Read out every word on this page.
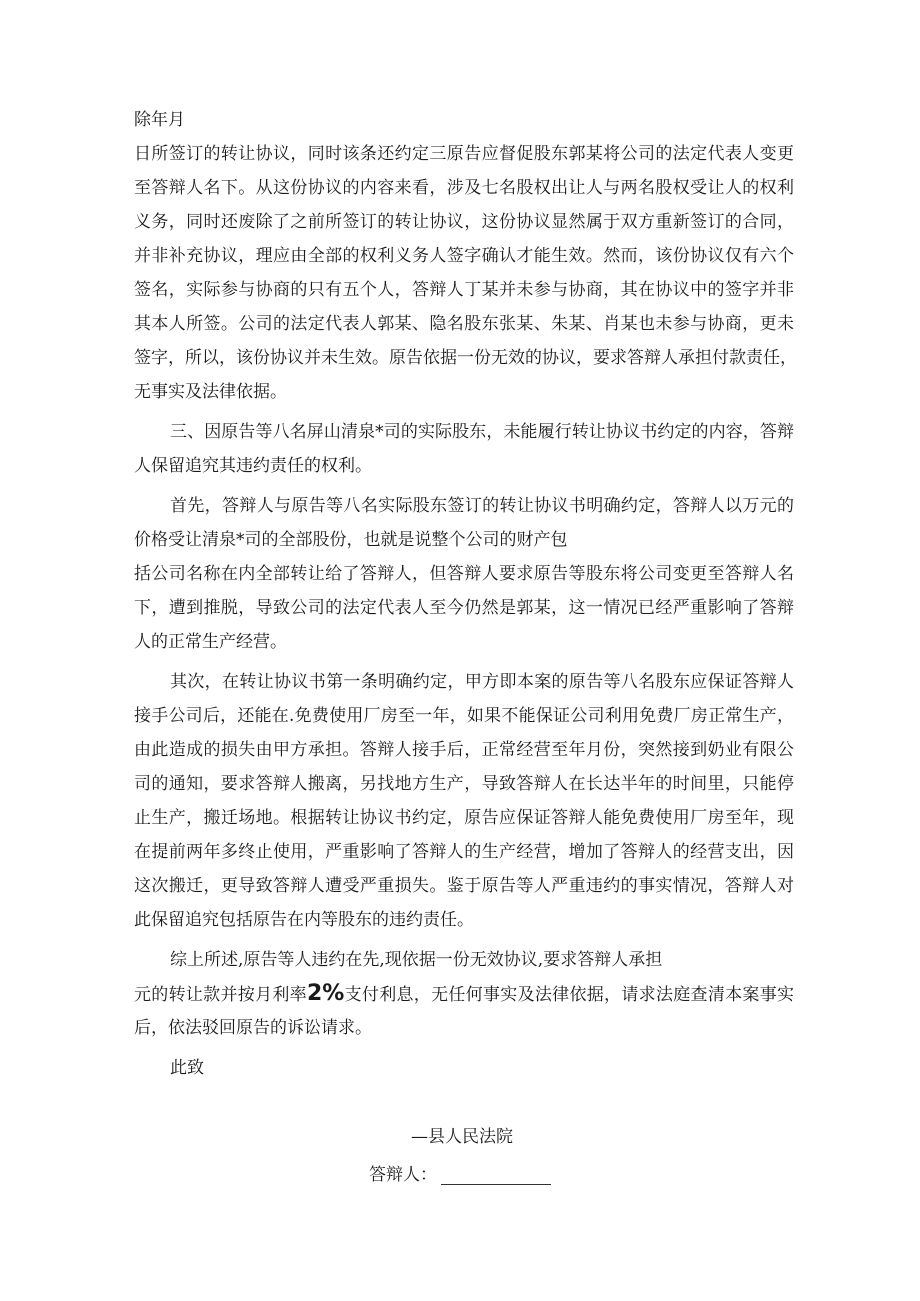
除年月
日所签订的转让协议，同时该条还约定三原告应督促股东郭某将公司的法定代表人变更
至答辩人名下。从这份协议的内容来看，涉及七名股权出让人与两名股权受让人的权利
义务，同时还废除了之前所签订的转让协议，这份协议显然属于双方重新签订的合同，
并非补充协议，理应由全部的权利义务人签字确认才能生效。然而，该份协议仅有六个
签名，实际参与协商的只有五个人，答辩人丁某并未参与协商，其在协议中的签字并非
其本人所签。公司的法定代表人郭某、隐名股东张某、朱某、肖某也未参与协商，更未
签字，所以，该份协议并未生效。原告依据一份无效的协议，要求答辩人承担付款责任，
无事实及法律依据。
三、因原告等八名屏山清泉*司的实际股东，未能履行转让协议书约定的内容，答辩
人保留追究其违约责任的权利。
首先，答辩人与原告等八名实际股东签订的转让协议书明确约定，答辩人以万元的
价格受让清泉*司的全部股份，也就是说整个公司的财产包
括公司名称在内全部转让给了答辩人，但答辩人要求原告等股东将公司变更至答辩人名
下，遭到推脱，导致公司的法定代表人至今仍然是郭某，这一情况已经严重影响了答辩
人的正常生产经营。
其次，在转让协议书第一条明确约定，甲方即本案的原告等八名股东应保证答辩人
接手公司后，还能在.免费使用厂房至一年，如果不能保证公司利用免费厂房正常生产，
由此造成的损失由甲方承担。答辩人接手后，正常经营至年月份，突然接到奶业有限公
司的通知，要求答辩人搬离，另找地方生产，导致答辩人在长达半年的时间里，只能停
止生产，搬迁场地。根据转让协议书约定，原告应保证答辩人能免费使用厂房至年，现
在提前两年多终止使用，严重影响了答辩人的生产经营，增加了答辩人的经营支出，因
这次搬迁，更导致答辩人遭受严重损失。鉴于原告等人严重违约的事实情况，答辩人对
此保留追究包括原告在内等股东的违约责任。
综上所述,原告等人违约在先,现依据一份无效协议,要求答辩人承担
元的转让款并按月利率2%支付利息，无任何事实及法律依据，请求法庭查清本案事实
后，依法驳回原告的诉讼请求。
此致
—县人民法院
答辩人：
